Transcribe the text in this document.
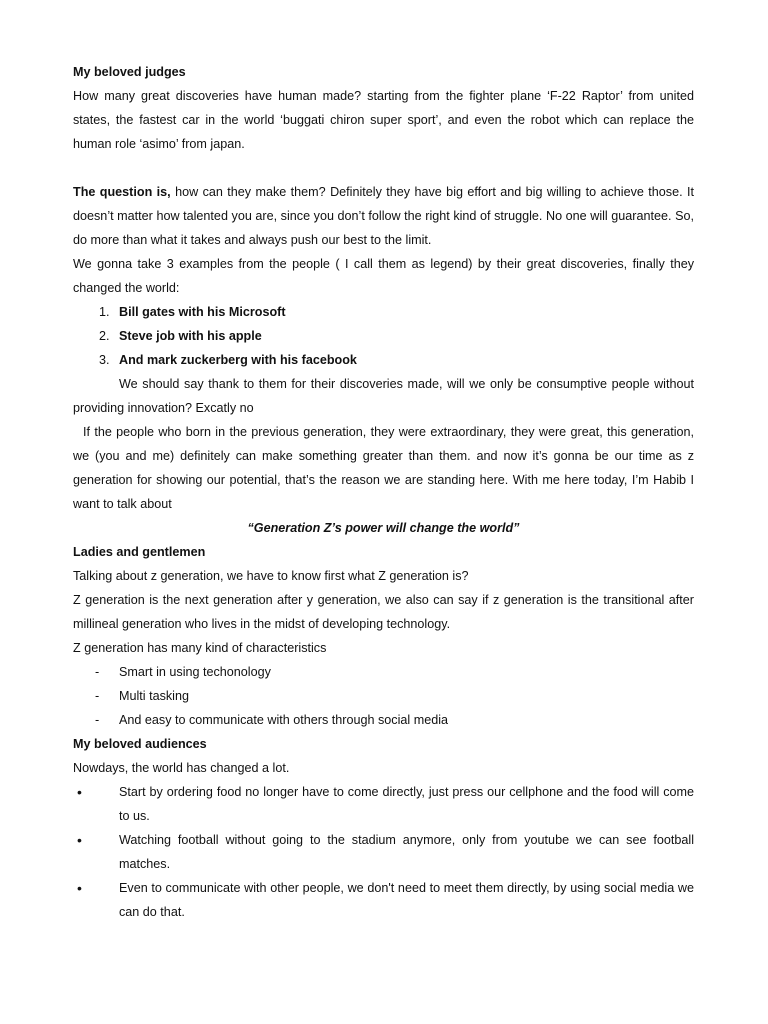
My beloved judges

How many great discoveries have human made? starting from the fighter plane ‘F-22 Raptor’ from united states, the fastest car in the world ‘buggati chiron super sport’, and even the robot which can replace the human role ‘asimo’ from japan.

The question is, how can they make them? Definitely they have big effort and big willing to achieve those. It doesn’t matter how talented you are, since you don’t follow the right kind of struggle. No one will guarantee. So, do more than what it takes and always push our best to the limit.

We gonna take 3 examples from the people ( I call them as legend) by their great discoveries, finally they changed the world:

1. Bill gates with his Microsoft
2. Steve job with his apple
3. And mark zuckerberg with his facebook

We should say thank to them for their discoveries made, will we only be consumptive people without providing innovation? Excatly no

If the people who born in the previous generation, they were extraordinary, they were great, this generation, we (you and me) definitely can make something greater than them. and now it’s gonna be our time as z generation for showing our potential, that’s the reason we are standing here. With me here today, I’m Habib I want to talk about

“Generation Z’s power will change the world”

Ladies and gentlemen

Talking about z generation, we have to know first what Z generation is?

Z generation is the next generation after y generation, we also can say if z generation is the transitional after millineal generation who lives in the midst of developing technology.

Z generation has many kind of characteristics

-	Smart in using techonology
-	Multi tasking
-	And easy to communicate with others through social media

My beloved audiences

Nowdays, the world has changed a lot.

•	Start by ordering food no longer have to come directly, just press our cellphone and the food will come to us.
•	Watching football without going to the stadium anymore, only from youtube we can see football matches.
•	Even to communicate with other people, we don't need to meet them directly, by using social media we can do that.
